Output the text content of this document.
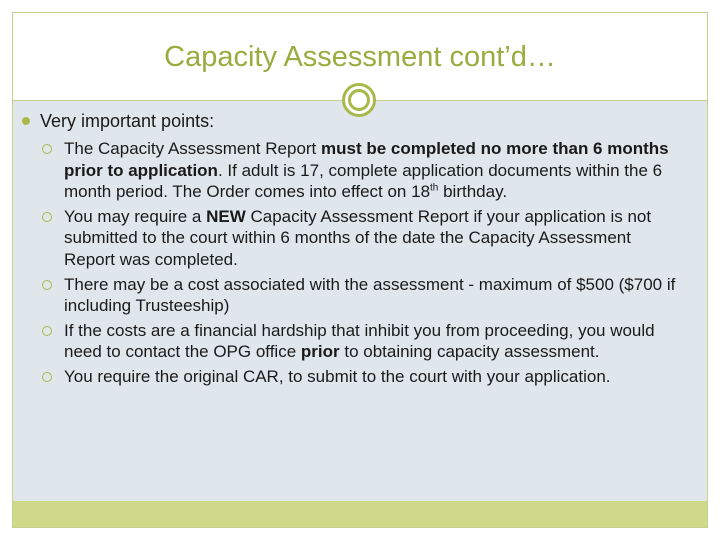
Capacity Assessment cont’d…
Very important points:
The Capacity Assessment Report must be completed no more than 6 months prior to application. If adult is 17, complete application documents within the 6 month period. The Order comes into effect on 18th birthday.
You may require a NEW Capacity Assessment Report if your application is not submitted to the court within 6 months of the date the Capacity Assessment Report was completed.
There may be a cost associated with the assessment - maximum of $500 ($700 if including Trusteeship)
If the costs are a financial hardship that inhibit you from proceeding, you would need to contact the OPG office prior to obtaining capacity assessment.
You require the original CAR, to submit to the court with your application.
